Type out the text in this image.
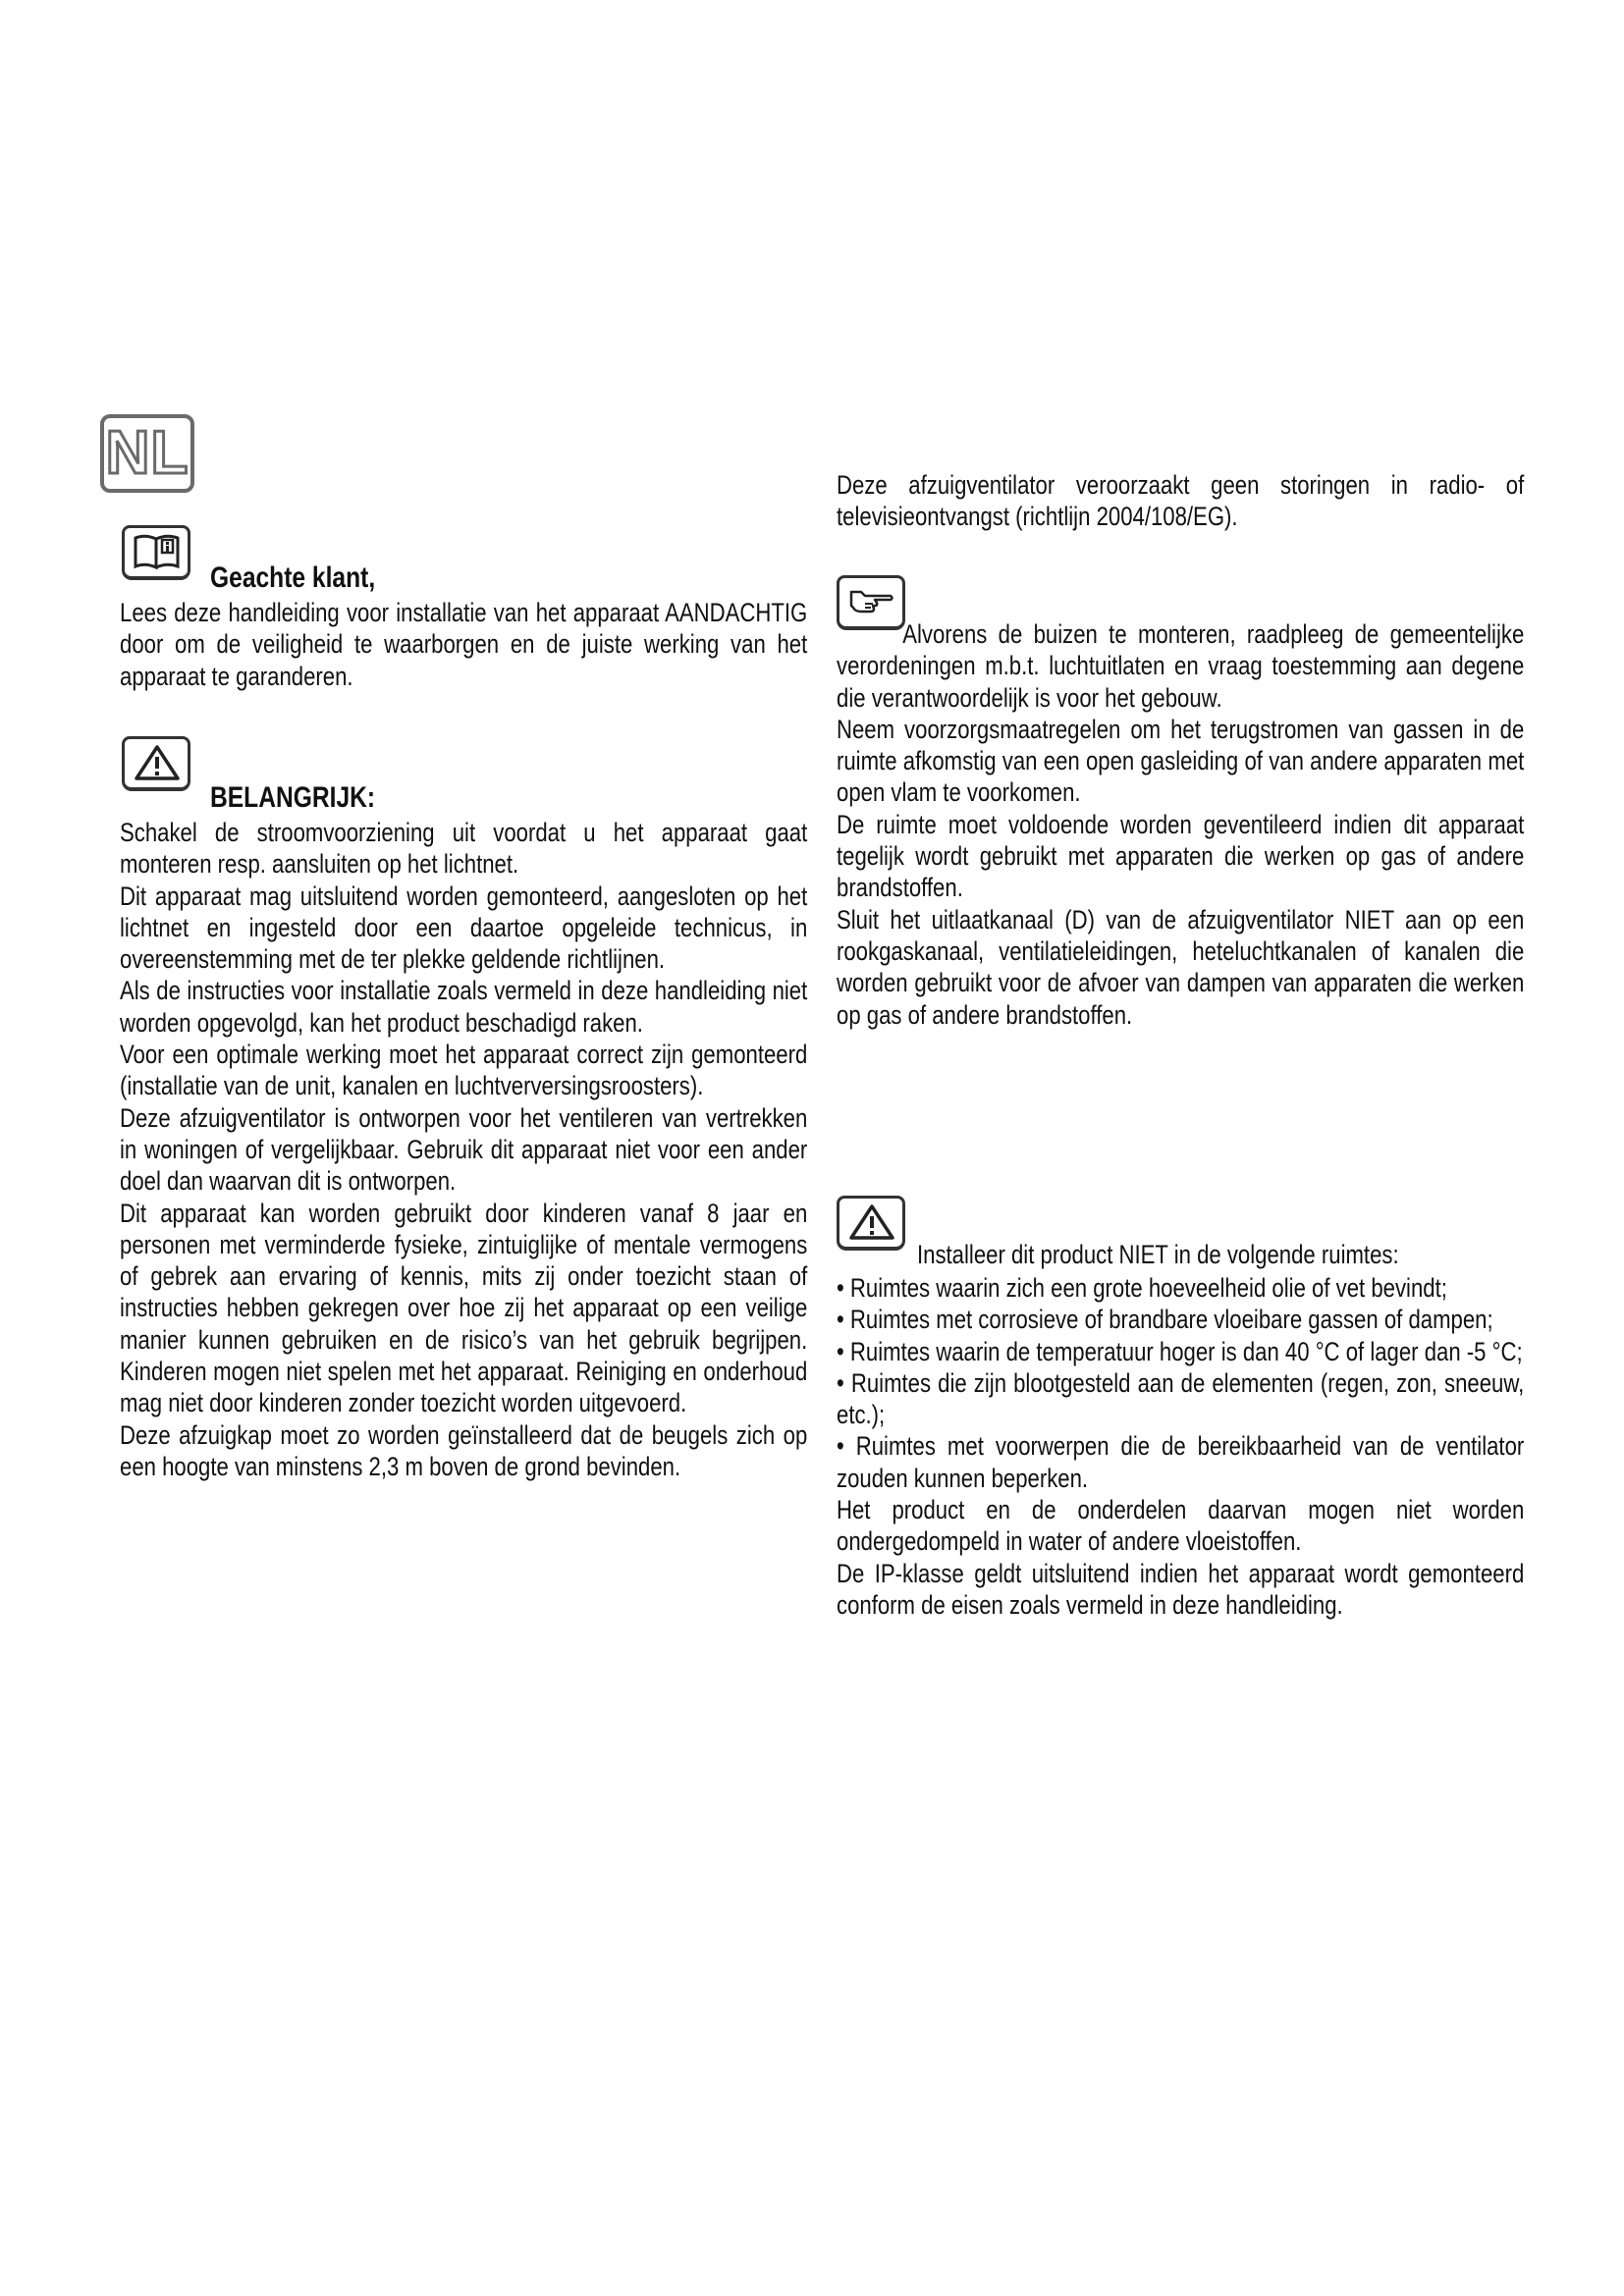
NL
Geachte klant,

Lees deze handleiding voor installatie van het apparaat AANDACHTIG door om de veiligheid te waarborgen en de juiste werking van het apparaat te garanderen.

BELANGRIJK:
Schakel de stroomvoorziening uit voordat u het apparaat gaat monteren resp. aansluiten op het lichtnet.
Dit apparaat mag uitsluitend worden gemonteerd, aangesloten op het lichtnet en ingesteld door een daartoe opgeleide technicus, in overeenstemming met de ter plekke geldende richtlijnen.
Als de instructies voor installatie zoals vermeld in deze handleiding niet worden opgevolgd, kan het product beschadigd raken.
Voor een optimale werking moet het apparaat correct zijn gemonteerd (installatie van de unit, kanalen en luchtverversingsroosters).
Deze afzuigventilator is ontworpen voor het ventileren van vertrekken in woningen of vergelijkbaar. Gebruik dit apparaat niet voor een ander doel dan waarvan dit is ontworpen.
Dit apparaat kan worden gebruikt door kinderen vanaf 8 jaar en personen met verminderde fysieke, zintuiglijke of mentale vermogens of gebrek aan ervaring of kennis, mits zij onder toezicht staan of instructies hebben gekregen over hoe zij het apparaat op een veilige manier kunnen gebruiken en de risico’s van het gebruik begrijpen. Kinderen mogen niet spelen met het apparaat. Reiniging en onderhoud mag niet door kinderen zonder toezicht worden uitgevoerd.
Deze afzuigkap moet zo worden geïnstalleerd dat de beugels zich op een hoogte van minstens 2,3 m boven de grond bevinden.

Deze afzuigventilator veroorzaakt geen storingen in radio- of televisieontvangst (richtlijn 2004/108/EG).

Alvorens de buizen te monteren, raadpleeg de gemeentelijke verordeningen m.b.t. luchtuitlaten en vraag toestemming aan degene die verantwoordelijk is voor het gebouw.
Neem voorzorgsmaatregelen om het terugstromen van gassen in de ruimte afkomstig van een open gasleiding of van andere apparaten met open vlam te voorkomen.
De ruimte moet voldoende worden geventileerd indien dit apparaat tegelijk wordt gebruikt met apparaten die werken op gas of andere brandstoffen.
Sluit het uitlaatkanaal (D) van de afzuigventilator NIET aan op een rookgaskanaal, ventilatieleidingen, heteluchtkanalen of kanalen die worden gebruikt voor de afvoer van dampen van apparaten die werken op gas of andere brandstoffen.
Installeer dit product NIET in de volgende ruimtes:
• Ruimtes waarin zich een grote hoeveelheid olie of vet bevindt;
• Ruimtes met corrosieve of brandbare vloeibare gassen of dampen;
• Ruimtes waarin de temperatuur hoger is dan 40 °C of lager dan -5 °C;
• Ruimtes die zijn blootgesteld aan de elementen (regen, zon, sneeuw, etc.);
• Ruimtes met voorwerpen die de bereikbaarheid van de ventilator zouden kunnen beperken.
Het product en de onderdelen daarvan mogen niet worden ondergedompeld in water of andere vloeistoffen.
De IP-klasse geldt uitsluitend indien het apparaat wordt gemonteerd conform de eisen zoals vermeld in deze handleiding.
